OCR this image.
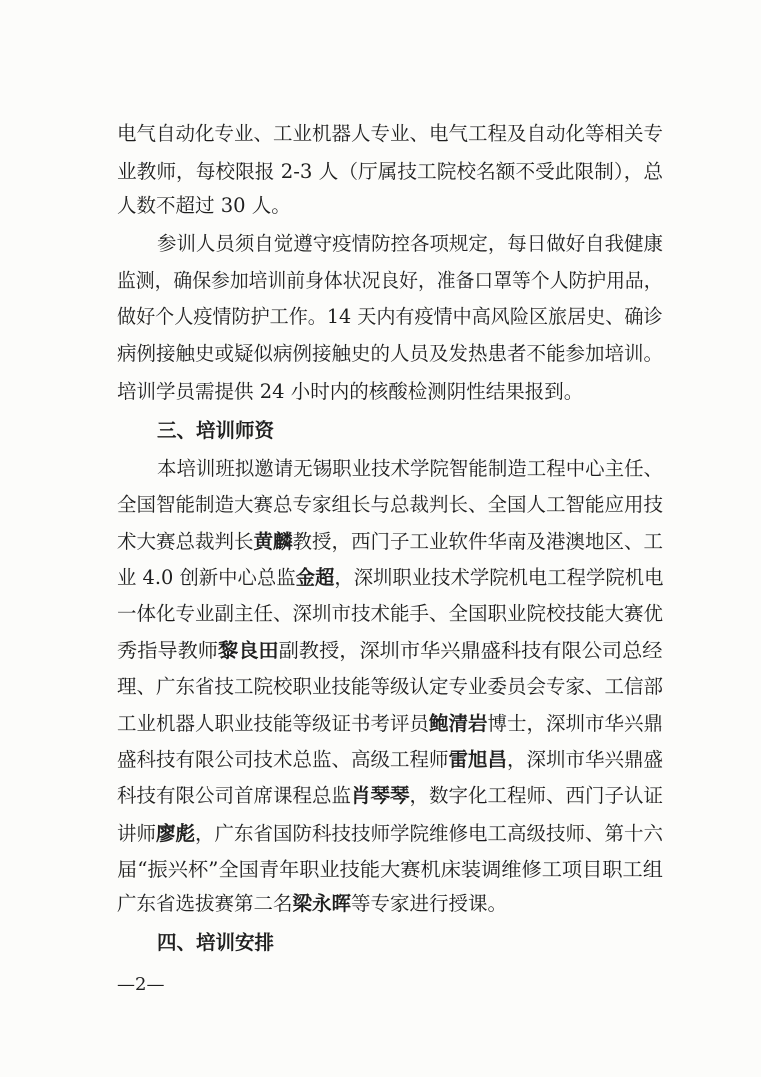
电气自动化专业、工业机器人专业、电气工程及自动化等相关专
业教师，每校限报 2-3 人（厅属技工院校名额不受此限制），总
人数不超过 30 人。
参训人员须自觉遵守疫情防控各项规定，每日做好自我健康
监测，确保参加培训前身体状况良好，准备口罩等个人防护用品，
做好个人疫情防护工作。14 天内有疫情中高风险区旅居史、确诊
病例接触史或疑似病例接触史的人员及发热患者不能参加培训。
培训学员需提供 24 小时内的核酸检测阴性结果报到。
三、培训师资
本培训班拟邀请无锡职业技术学院智能制造工程中心主任、
全国智能制造大赛总专家组长与总裁判长、全国人工智能应用技
术大赛总裁判长黄麟教授，西门子工业软件华南及港澳地区、工
业 4.0 创新中心总监金超，深圳职业技术学院机电工程学院机电
一体化专业副主任、深圳市技术能手、全国职业院校技能大赛优
秀指导教师黎良田副教授，深圳市华兴鼎盛科技有限公司总经
理、广东省技工院校职业技能等级认定专业委员会专家、工信部
工业机器人职业技能等级证书考评员鲍清岩博士，深圳市华兴鼎
盛科技有限公司技术总监、高级工程师雷旭昌，深圳市华兴鼎盛
科技有限公司首席课程总监肖琴琴，数字化工程师、西门子认证
讲师廖彪，广东省国防科技技师学院维修电工高级技师、第十六
届“振兴杯”全国青年职业技能大赛机床装调维修工项目职工组
广东省选拔赛第二名梁永晖等专家进行授课。
四、培训安排
—2—
